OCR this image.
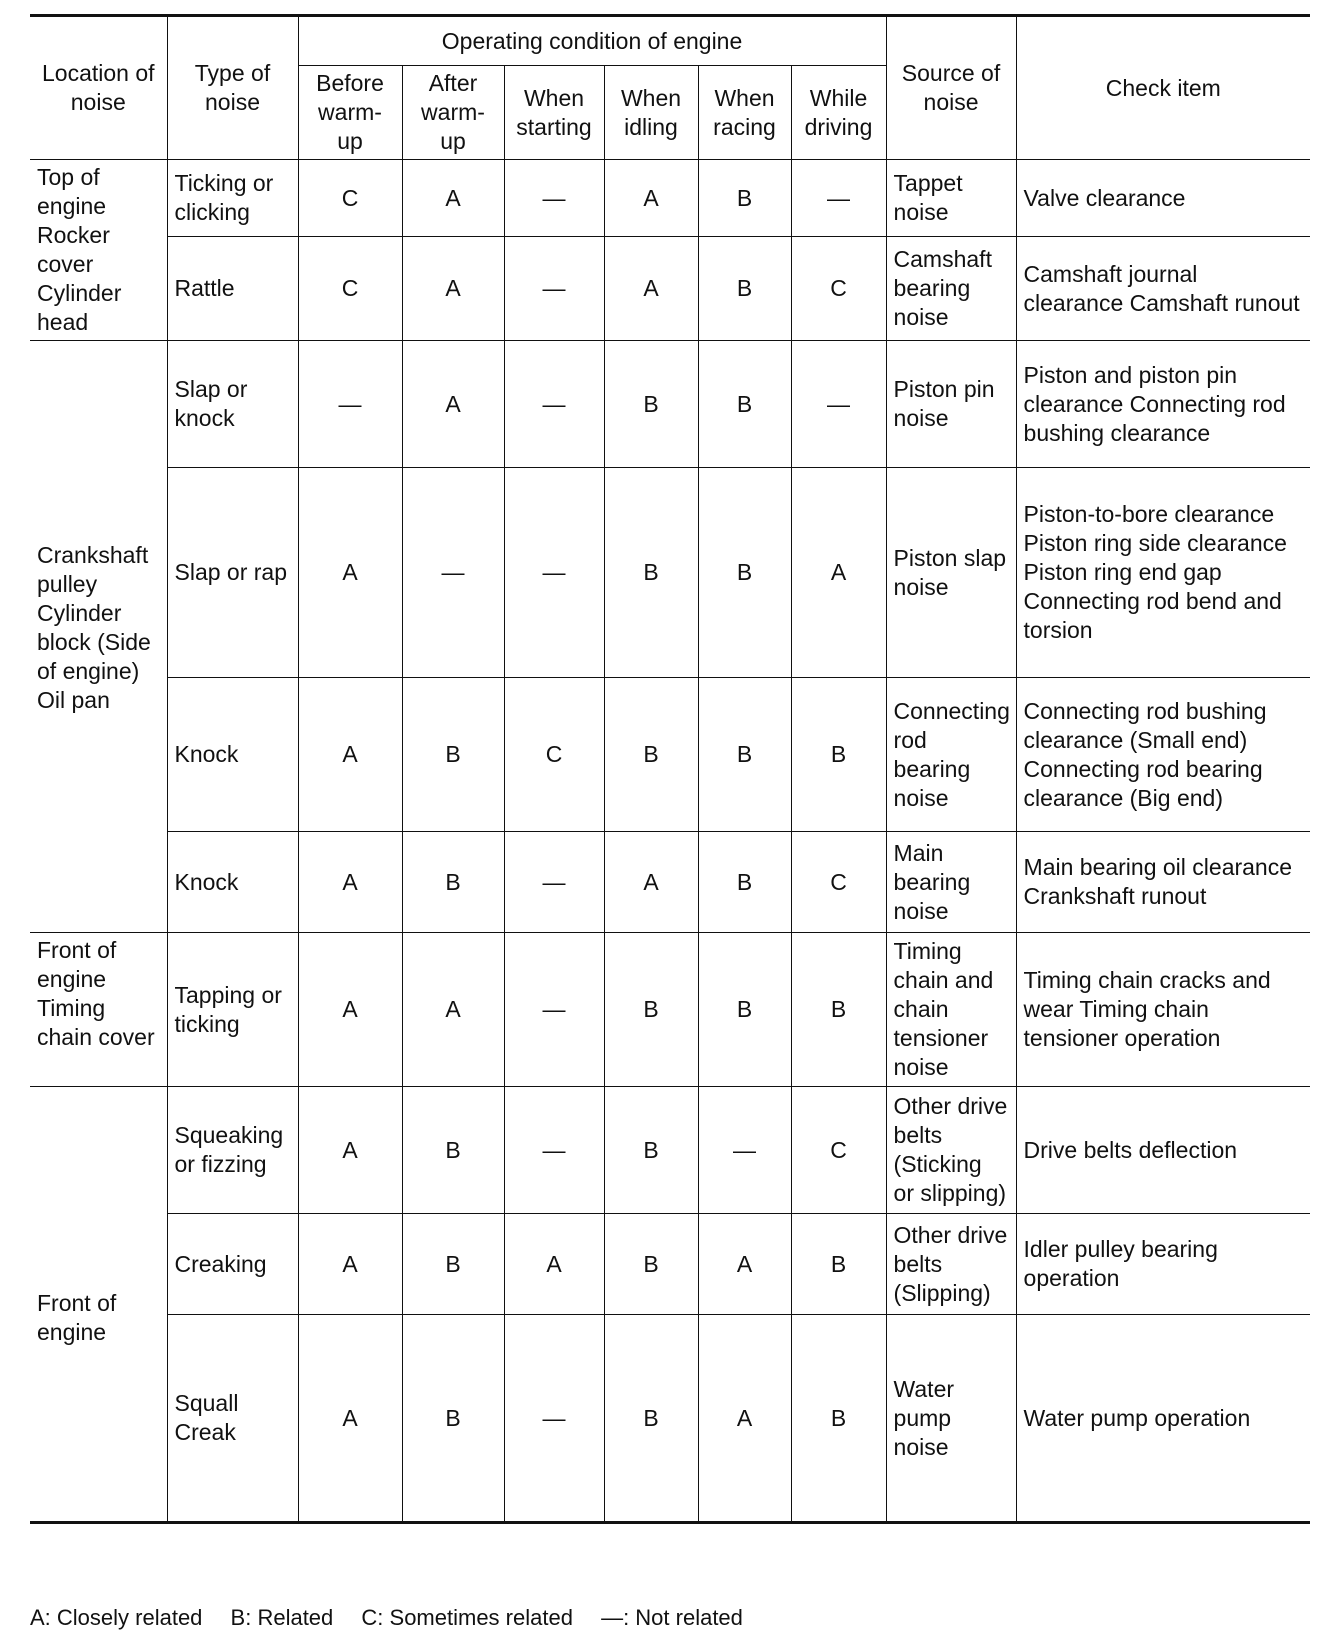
Location of noise	Type of noise	Operating condition of engine						Source of noise	Check item
		Before warm-up	After warm-up	When starting	When idling	When racing	While driving		
Top of engine Rocker cover Cylinder head	Ticking or clicking	C	A	—	A	B	—	Tappet noise	Valve clearance
	Rattle	C	A	—	A	B	C	Camshaft bearing noise	Camshaft journal clearance Camshaft runout
Crankshaft pulley Cylinder block (Side of engine) Oil pan	Slap or knock	—	A	—	B	B	—	Piston pin noise	Piston and piston pin clearance Connecting rod bushing clearance
	Slap or rap	A	—	—	B	B	A	Piston slap noise	Piston-to-bore clearance Piston ring side clearance Piston ring end gap Connecting rod bend and torsion
	Knock	A	B	C	B	B	B	Connecting rod bearing noise	Connecting rod bushing clearance (Small end) Connecting rod bearing clearance (Big end)
	Knock	A	B	—	A	B	C	Main bearing noise	Main bearing oil clearance Crankshaft runout
Front of engine Timing chain cover	Tapping or ticking	A	A	—	B	B	B	Timing chain and chain tensioner noise	Timing chain cracks and wear Timing chain tensioner operation
Front of engine	Squeaking or fizzing	A	B	—	B	—	C	Other drive belts (Sticking or slipping)	Drive belts deflection
	Creaking	A	B	A	B	A	B	Other drive belts (Slipping)	Idler pulley bearing operation
	Squall Creak	A	B	—	B	A	B	Water pump noise	Water pump operation
A: Closely related B: Related C: Sometimes related —: Not related
